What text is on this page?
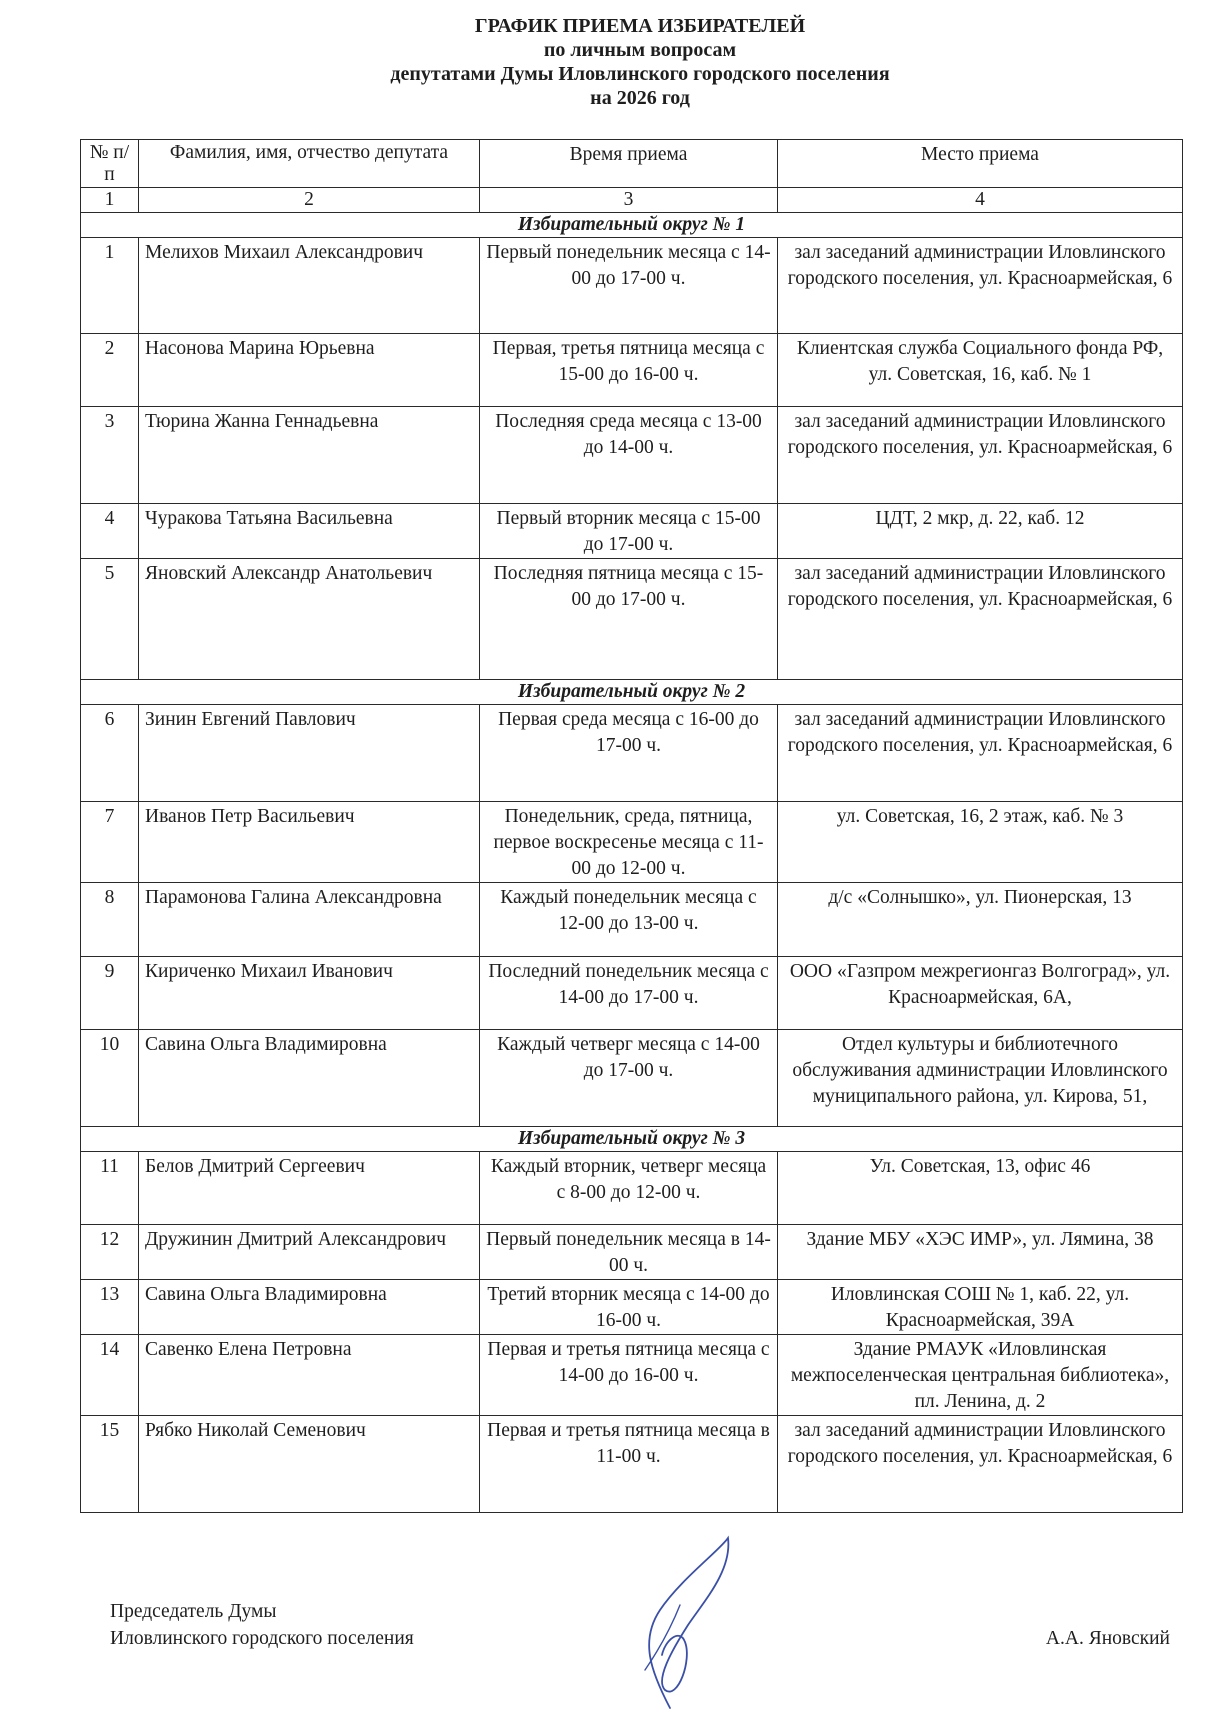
ГРАФИК ПРИЕМА ИЗБИРАТЕЛЕЙ
по личным вопросам
депутатами Думы Иловлинского городского поселения
на 2026 год
№ п/п	Фамилия, имя, отчество депутата	Время приема	Место приема
1	2	3	4
Избирательный округ № 1			
1	Мелихов Михаил Александрович	Первый понедельник месяца с 14-00 до 17-00 ч.	зал заседаний администрации Иловлинского городского поселения, ул. Красноармейская, 6
2	Насонова Марина Юрьевна	Первая, третья пятница месяца с 15-00 до 16-00 ч.	Клиентская служба Социального фонда РФ, ул. Советская, 16, каб. № 1
3	Тюрина Жанна Геннадьевна	Последняя среда месяца с 13-00 до 14-00 ч.	зал заседаний администрации Иловлинского городского поселения, ул. Красноармейская, 6
4	Чуракова Татьяна Васильевна	Первый вторник месяца с 15-00 до 17-00 ч.	ЦДТ, 2 мкр, д. 22, каб. 12
5	Яновский Александр Анатольевич	Последняя пятница месяца с 15-00 до 17-00 ч.	зал заседаний администрации Иловлинского городского поселения, ул. Красноармейская, 6
Избирательный округ № 2			
6	Зинин Евгений Павлович	Первая среда месяца с 16-00 до 17-00 ч.	зал заседаний администрации Иловлинского городского поселения, ул. Красноармейская, 6
7	Иванов Петр Васильевич	Понедельник, среда, пятница, первое воскресенье месяца с 11-00 до 12-00 ч.	ул. Советская, 16, 2 этаж, каб. № 3
8	Парамонова Галина Александровна	Каждый понедельник месяца с 12-00 до 13-00 ч.	д/с «Солнышко», ул. Пионерская, 13
9	Кириченко Михаил Иванович	Последний понедельник месяца с 14-00 до 17-00 ч.	ООО «Газпром межрегионгаз Волгоград», ул. Красноармейская, 6А,
10	Савина Ольга Владимировна	Каждый четверг месяца с 14-00 до 17-00 ч.	Отдел культуры и библиотечного обслуживания администрации Иловлинского муниципального района, ул. Кирова, 51,
Избирательный округ № 3			
11	Белов Дмитрий Сергеевич	Каждый вторник, четверг месяца с 8-00 до 12-00 ч.	Ул. Советская, 13, офис 46
12	Дружинин Дмитрий Александрович	Первый понедельник месяца в 14-00 ч.	Здание МБУ «ХЭС ИМР», ул. Лямина, 38
13	Савина Ольга Владимировна	Третий вторник месяца с 14-00 до 16-00 ч.	Иловлинская СОШ № 1, каб. 22, ул. Красноармейская, 39А
14	Савенко Елена Петровна	Первая и третья пятница месяца с 14-00 до 16-00 ч.	Здание РМАУК «Иловлинская межпоселенческая центральная библиотека», пл. Ленина, д. 2
15	Рябко Николай Семенович	Первая и третья пятница месяца в 11-00 ч.	зал заседаний администрации Иловлинского городского поселения, ул. Красноармейская, 6
Председатель Думы
Иловлинского городского поселения	А.А. Яновский
